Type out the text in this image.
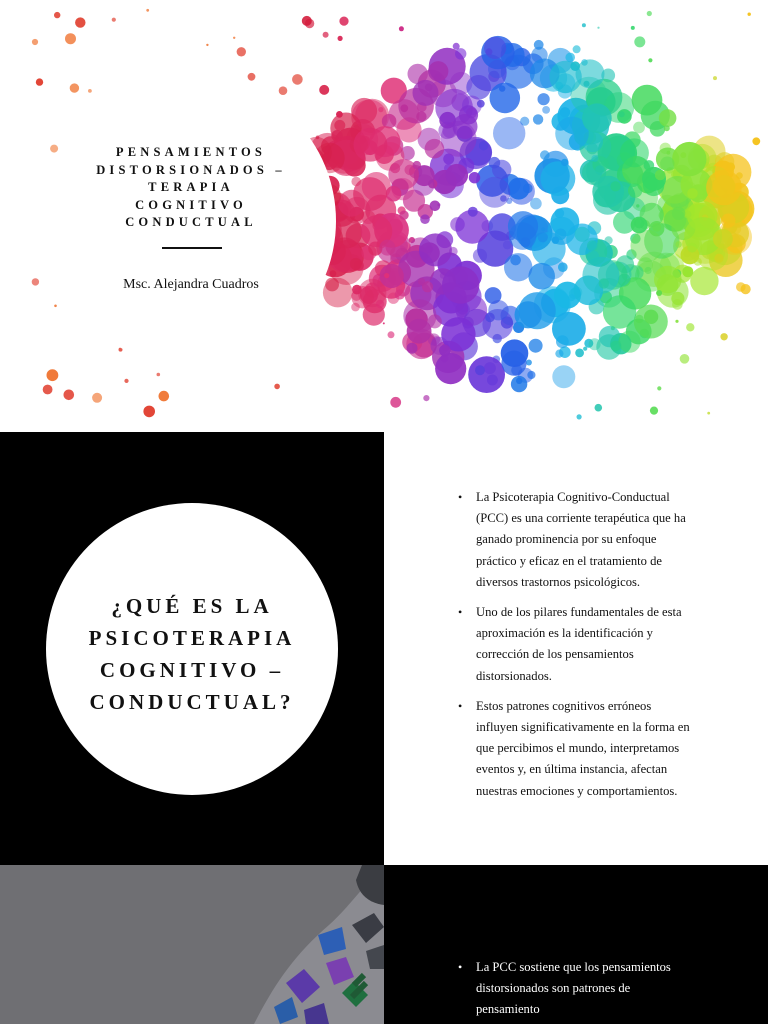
PENSAMIENTOS
DISTORSIONADOS –
TERAPIA
COGNITIVO
CONDUCTUAL
Msc. Alejandra Cuadros
¿QUÉ ES LA
PSICOTERAPIA
COGNITIVO –
CONDUCTUAL?
• La Psicoterapia Cognitivo-Conductual (PCC) es una corriente terapéutica que ha ganado prominencia por su enfoque práctico y eficaz en el tratamiento de diversos trastornos psicológicos.
• Uno de los pilares fundamentales de esta aproximación es la identificación y corrección de los pensamientos distorsionados.
• Estos patrones cognitivos erróneos influyen significativamente en la forma en que percibimos el mundo, interpretamos eventos y, en última instancia, afectan nuestras emociones y comportamientos.
• La PCC sostiene que los pensamientos distorsionados son patrones de pensamiento
